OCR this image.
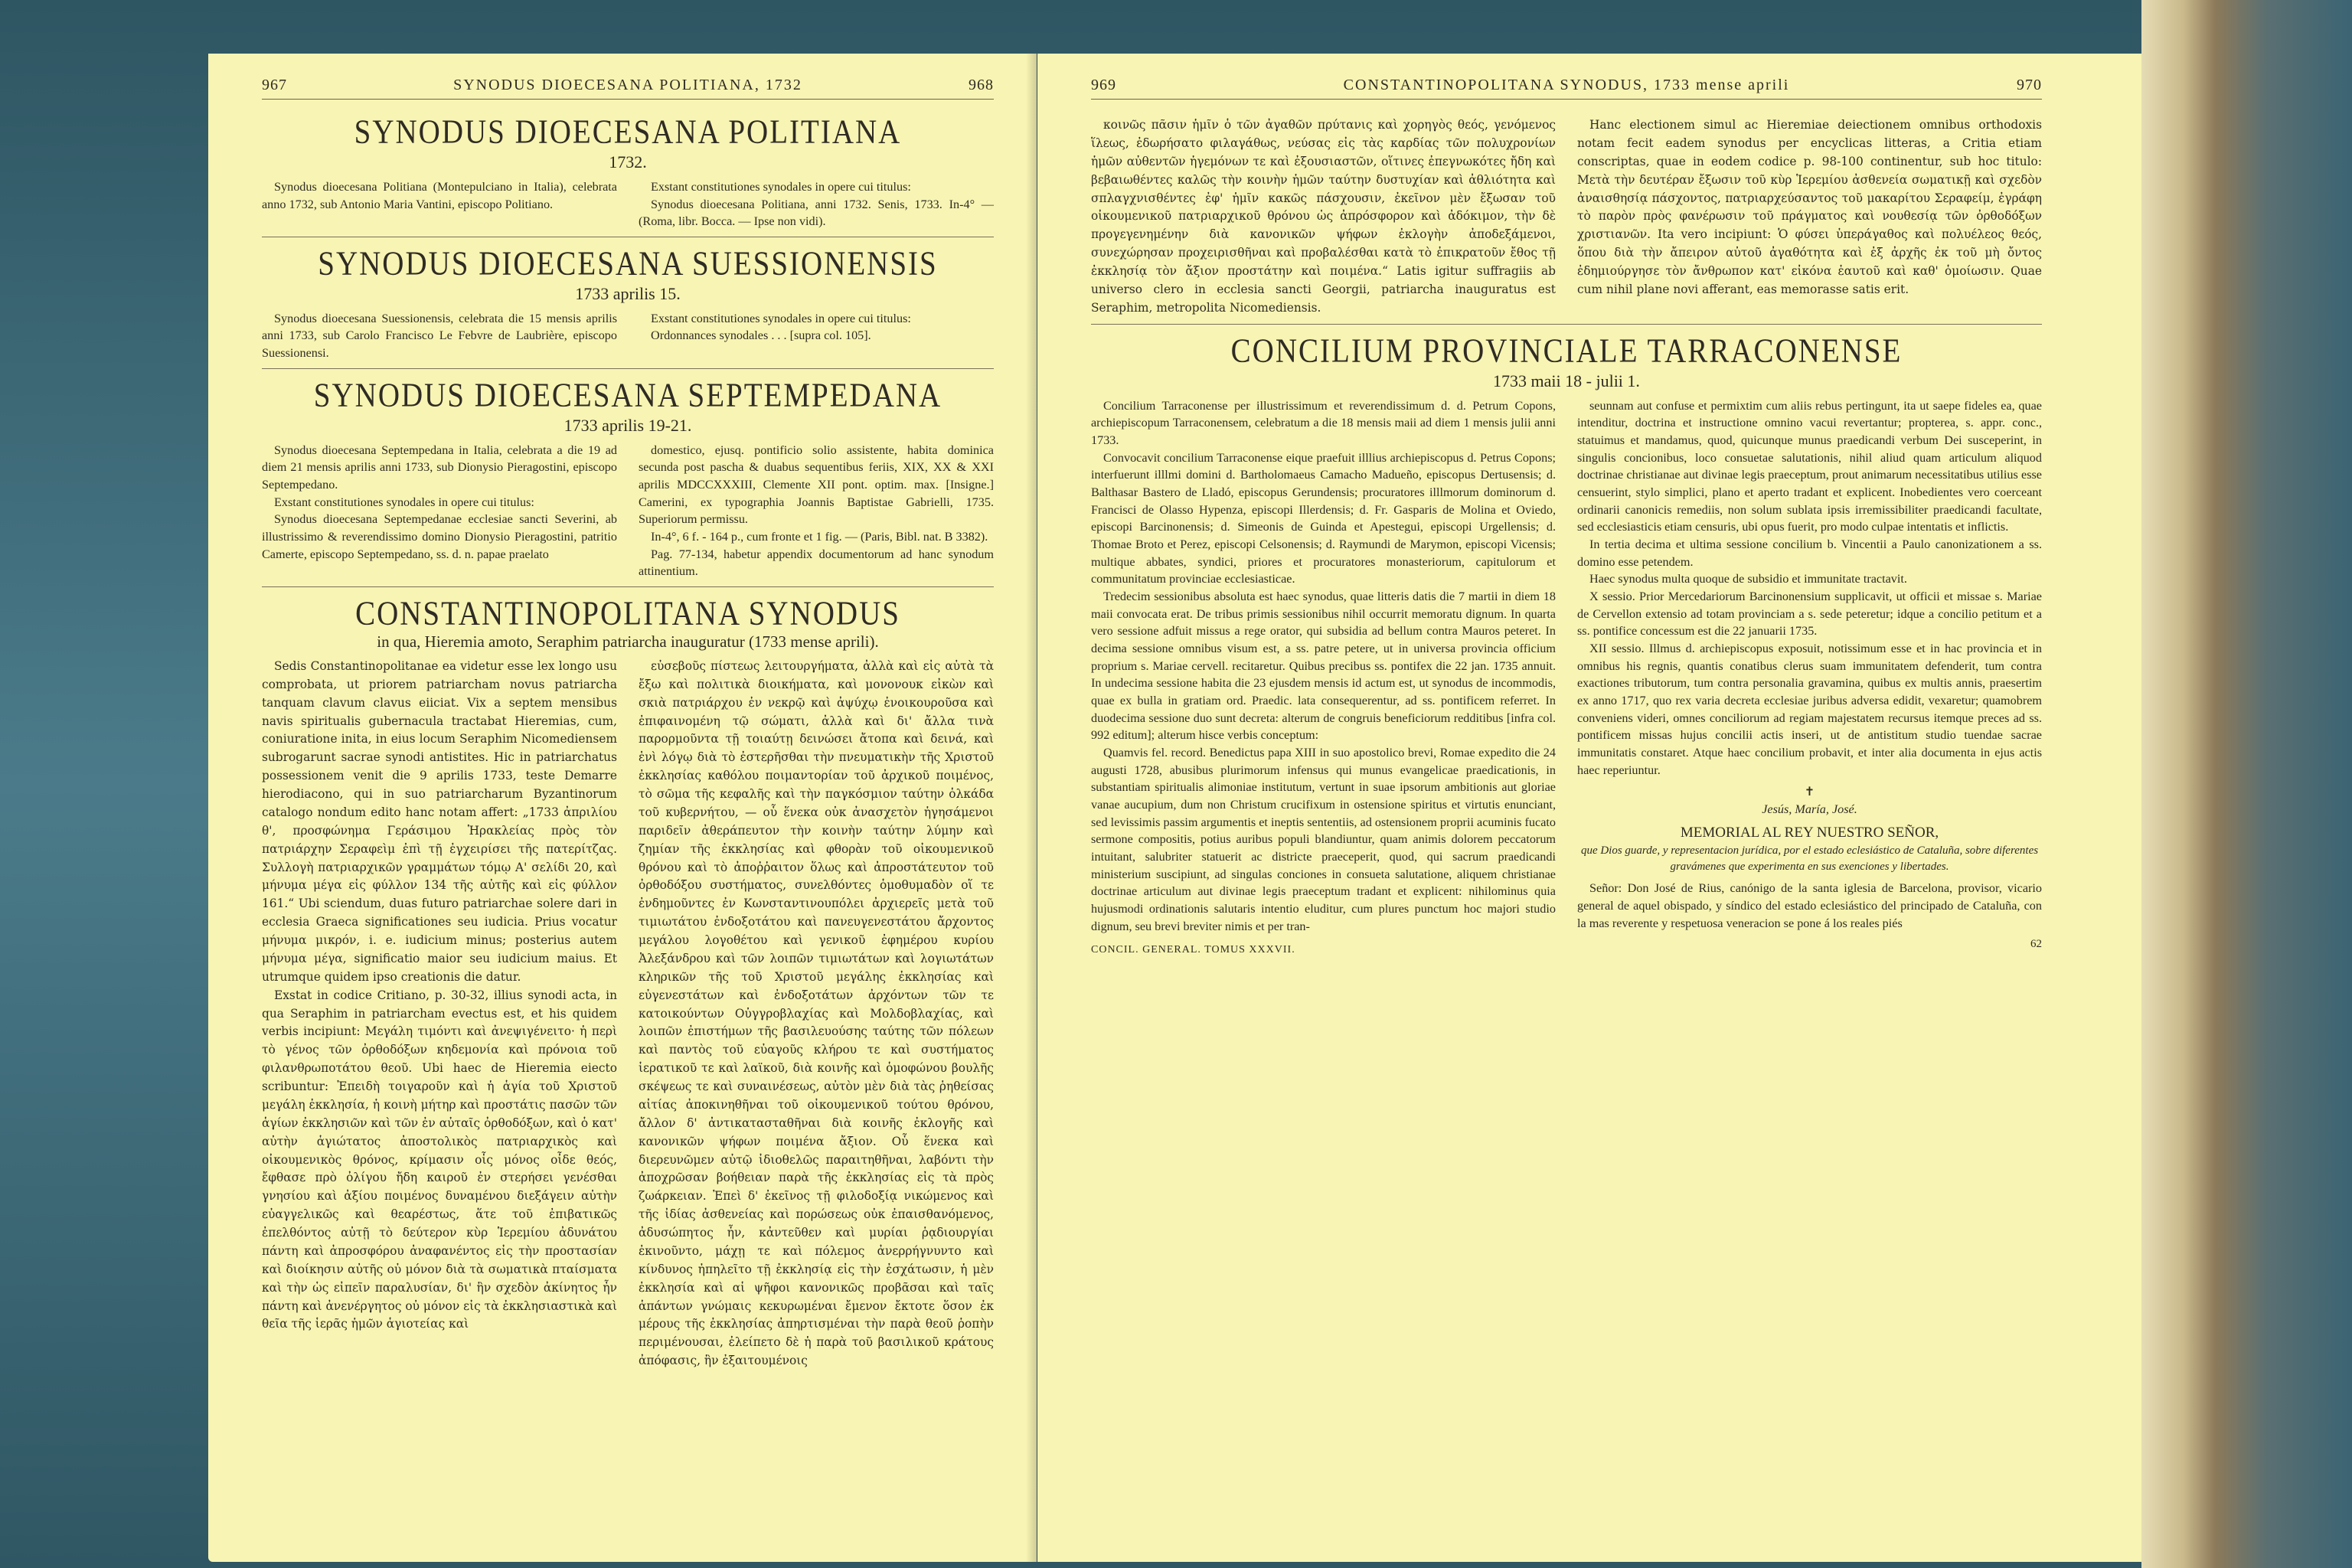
967	SYNODUS DIOECESANA POLITIANA, 1732	968
SYNODUS DIOECESANA POLITIANA
1732.

Synodus dioecesana Politiana (Montepulciano in Italia), celebrata anno 1732, sub Antonio Maria Vantini, episcopo Politiano.

Exstant constitutiones synodales in opere cui titulus:

Synodus dioecesana Politiana, anni 1732. Senis, 1733. In-4° — (Roma, libr. Bocca. — Ipse non vidi).

SYNODUS DIOECESANA SUESSIONENSIS
1733 aprilis 15.

Synodus dioecesana Suessionensis, celebrata die 15 mensis aprilis anni 1733, sub Carolo Francisco Le Febvre de Laubrière, episcopo Suessionensi.

Exstant constitutiones synodales in opere cui titulus:

Ordonnances synodales . . . [supra col. 105].

SYNODUS DIOECESANA SEPTEMPEDANA
1733 aprilis 19-21.

Synodus dioecesana Septempedana in Italia, celebrata a die 19 ad diem 21 mensis aprilis anni 1733, sub Dionysio Pieragostini, episcopo Septempedano.

Exstant constitutiones synodales in opere cui titulus:

Synodus dioecesana Septempedanae ecclesiae sancti Severini, ab illustrissimo & reverendissimo domino Dionysio Pieragostini, patritio Camerte, episcopo Septempedano, ss. d. n. papae praelato

domestico, ejusq. pontificio solio assistente, habita dominica secunda post pascha & duabus sequentibus feriis, XIX, XX & XXI aprilis MDCCXXXIII, Clemente XII pont. optim. max. [Insigne.] Camerini, ex typographia Joannis Baptistae Gabrielli, 1735. Superiorum permissu.

In-4°, 6 f. - 164 p., cum fronte et 1 fig. — (Paris, Bibl. nat. B 3382).

Pag. 77-134, habetur appendix documentorum ad hanc synodum attinentium.

CONSTANTINOPOLITANA SYNODUS
in qua, Hieremia amoto, Seraphim patriarcha inauguratur (1733 mense aprili).

Sedis Constantinopolitanae ea videtur esse lex longo usu comprobata, ut priorem patriarcham novus patriarcha tanquam clavum clavus eiiciat. Vix a septem mensibus navis spiritualis gubernacula tractabat Hieremias, cum, coniuratione inita, in eius locum Seraphim Nicomediensem subrogarunt sacrae synodi antistites. Hic in patriarchatus possessionem venit die 9 aprilis 1733, teste Demarre hierodiacono, qui in suo patriarcharum Byzantinorum catalogo nondum edito hanc notam affert: „1733 ἀπριλίου θ', προσφώνημα Γεράσιμου Ἡρακλείας πρὸς τὸν πατριάρχην Σεραφεὶμ ἐπὶ τῇ ἐγχειρίσει τῆς πατερίτζας. Συλλογὴ πατριαρχικῶν γραμμάτων τόμῳ Α' σελίδι 20, καὶ μήνυμα μέγα εἰς φύλλον 134 τῆς αὐτῆς καὶ εἰς φύλλον 161.“ Ubi sciendum, duas futuro patriarchae solere dari in ecclesia Graeca significationes seu iudicia. Prius vocatur μήνυμα μικρόν, i. e. iudicium minus; posterius autem μήνυμα μέγα, significatio maior seu iudicium maius. Et utrumque quidem ipso creationis die datur.

Exstat in codice Critiano, p. 30-32, illius synodi acta, in qua Seraphim in patriarcham evectus est, et his quidem verbis incipiunt: Μεγάλη τιμόντι καὶ ἀνεψιγένειτο· ἡ περὶ τὸ γένος τῶν ὀρθοδόξων κηδεμονία καὶ πρόνοια τοῦ φιλανθρωποτάτου θεοῦ. Ubi haec de Hieremia eiecto scribuntur: Ἐπειδὴ τοιγαροῦν καὶ ἡ ἁγία τοῦ Χριστοῦ μεγάλη ἐκκλησία, ἡ κοινὴ μήτηρ καὶ προστάτις πασῶν τῶν ἁγίων ἐκκλησιῶν καὶ τῶν ἐν αὐταῖς ὀρθοδόξων, καὶ ὁ κατ' αὐτὴν ἁγιώτατος ἀποστολικὸς πατριαρχικὸς καὶ οἰκουμενικὸς θρόνος, κρίμασιν οἷς μόνος οἶδε θεός, ἔφθασε πρὸ ὀλίγου ἤδη καιροῦ ἐν στερήσει γενέσθαι γνησίου καὶ ἀξίου ποιμένος δυναμένου διεξάγειν αὐτὴν εὐαγγελικῶς καὶ θεαρέστως, ἅτε τοῦ ἐπιβατικῶς ἐπελθόντος αὐτῇ τὸ δεύτερον κὺρ Ἱερεμίου ἀδυνάτου πάντη καὶ ἀπροσφόρου ἀναφανέντος εἰς τὴν προστασίαν καὶ διοίκησιν αὐτῆς οὐ μόνον διὰ τὰ σωματικὰ πταίσματα καὶ τὴν ὡς εἰπεῖν παραλυσίαν, δι' ἣν σχεδὸν ἀκίνητος ἦν πάντη καὶ ἀνενέργητος οὐ μόνον εἰς τὰ ἐκκλησιαστικὰ καὶ θεῖα τῆς ἱερᾶς ἡμῶν ἁγιοτείας καὶ

εὐσεβοῦς πίστεως λειτουργήματα, ἀλλὰ καὶ εἰς αὐτὰ τὰ ἔξω καὶ πολιτικὰ διοικήματα, καὶ μονονουκ εἰκὼν καὶ σκιὰ πατριάρχου ἐν νεκρῷ καὶ ἀψύχῳ ἐνοικουροῦσα καὶ ἐπιφαινομένη τῷ σώματι, ἀλλὰ καὶ δι' ἄλλα τινὰ παρορμοῦντα τῇ τοιαύτῃ δεινώσει ἄτοπα καὶ δεινά, καὶ ἑνὶ λόγῳ διὰ τὸ ἐστερῆσθαι τὴν πνευματικὴν τῆς Χριστοῦ ἐκκλησίας καθόλου ποιμαντορίαν τοῦ ἀρχικοῦ ποιμένος, τὸ σῶμα τῆς κεφαλῆς καὶ τὴν παγκόσμιον ταύτην ὁλκάδα τοῦ κυβερνήτου, — οὗ ἕνεκα οὐκ ἀνασχετὸν ἡγησάμενοι παριδεῖν ἀθεράπευτον τὴν κοινὴν ταύτην λύμην καὶ ζημίαν τῆς ἐκκλησίας καὶ φθορὰν τοῦ οἰκουμενικοῦ θρόνου καὶ τὸ ἀποῤῥαιτον ὅλως καὶ ἀπροστάτευτον τοῦ ὀρθοδόξου συστήματος, συνελθόντες ὁμοθυμαδὸν οἵ τε ἐνδημοῦντες ἐν Κωνσταντινουπόλει ἀρχιερεῖς μετὰ τοῦ τιμιωτάτου ἐνδοξοτάτου καὶ πανευγενεστάτου ἄρχοντος μεγάλου λογοθέτου καὶ γενικοῦ ἐφημέρου κυρίου Ἀλεξάνδρου καὶ τῶν λοιπῶν τιμιωτάτων καὶ λογιωτάτων κληρικῶν τῆς τοῦ Χριστοῦ μεγάλης ἐκκλησίας καὶ εὐγενεστάτων καὶ ἐνδοξοτάτων ἀρχόντων τῶν τε κατοικούντων Οὐγγροβλαχίας καὶ Μολδοβλαχίας, καὶ λοιπῶν ἐπιστήμων τῆς βασιλευούσης ταύτης τῶν πόλεων καὶ παντὸς τοῦ εὐαγοῦς κλήρου τε καὶ συστήματος ἱερατικοῦ τε καὶ λαϊκοῦ, διὰ κοινῆς καὶ ὁμοφώνου βουλῆς σκέψεως τε καὶ συναινέσεως, αὐτὸν μὲν διὰ τὰς ῥηθείσας αἰτίας ἀποκινηθῆναι τοῦ οἰκουμενικοῦ τούτου θρόνου, ἄλλον δ' ἀντικατασταθῆναι διὰ κοινῆς ἐκλογῆς καὶ κανονικῶν ψήφων ποιμένα ἄξιον. Οὗ ἕνεκα καὶ διερευνῶμεν αὐτῷ ἰδιοθελῶς παραιτηθῆναι, λαβόντι τὴν ἀποχρῶσαν βοήθειαν παρὰ τῆς ἐκκλησίας εἰς τὰ πρὸς ζωάρκειαν. Ἐπεὶ δ' ἐκεῖνος τῇ φιλοδοξίᾳ νικώμενος καὶ τῆς ἰδίας ἀσθενείας καὶ πορώσεως οὐκ ἐπαισθανόμενος, ἀδυσώπητος ἦν, κἀντεῦθεν καὶ μυρίαι ῥᾳδιουργίαι ἐκινοῦντο, μάχῃ τε καὶ πόλεμος ἀνερρήγνυντο καὶ κίνδυνος ἠπηλεῖτο τῇ ἐκκλησίᾳ εἰς τὴν ἐσχάτωσιν, ἡ μὲν ἐκκλησία καὶ αἱ ψῆφοι κανονικῶς προβᾶσαι καὶ ταῖς ἁπάντων γνώμαις κεκυρωμέναι ἔμενον ἔκτοτε ὅσον ἐκ μέρους τῆς ἐκκλησίας ἀπηρτισμέναι τὴν παρὰ θεοῦ ῥοπὴν περιμένουσαι, ἐλείπετο δὲ ἡ παρὰ τοῦ βασιλικοῦ κράτους ἀπόφασις, ἣν ἐξαιτουμένοις

969	CONSTANTINOPOLITANA SYNODUS, 1733 mense aprili	970

κοινῶς πᾶσιν ἡμῖν ὁ τῶν ἀγαθῶν πρύτανις καὶ χορηγὸς θεός, γενόμενος ἵλεως, ἐδωρήσατο φιλαγάθως, νεύσας εἰς τὰς καρδίας τῶν πολυχρονίων ἡμῶν αὐθεντῶν ἡγεμόνων τε καὶ ἐξουσιαστῶν, οἵτινες ἐπεγνωκότες ἤδη καὶ βεβαιωθέντες καλῶς τὴν κοινὴν ἡμῶν ταύτην δυστυχίαν καὶ ἀθλιότητα καὶ σπλαγχνισθέντες ἐφ' ἡμῖν κακῶς πάσχουσιν, ἐκεῖνον μὲν ἔξωσαν τοῦ οἰκουμενικοῦ πατριαρχικοῦ θρόνου ὡς ἀπρόσφορον καὶ ἀδόκιμον, τὴν δὲ προγεγενημένην διὰ κανονικῶν ψήφων ἐκλογὴν ἀποδεξάμενοι, συνεχώρησαν προχειρισθῆναι καὶ προβαλέσθαι κατὰ τὸ ἐπικρατοῦν ἔθος τῇ ἐκκλησίᾳ τὸν ἄξιον προστάτην καὶ ποιμένα.“ Latis igitur suffragiis ab universo clero in ecclesia sancti Georgii, patriarcha inauguratus est Seraphim, metropolita Nicomediensis.

Hanc electionem simul ac Hieremiae deiectionem omnibus orthodoxis notam fecit eadem synodus per encyclicas litteras, a Critia etiam conscriptas, quae in eodem codice p. 98-100 continentur, sub hoc titulo: Μετὰ τὴν δευτέραν ἔξωσιν τοῦ κὺρ Ἱερεμίου ἀσθενεία σωματικῇ καὶ σχεδὸν ἀναισθησίᾳ πάσχοντος, πατριαρχεύσαντος τοῦ μακαρίτου Σεραφείμ, ἐγράφη τὸ παρὸν πρὸς φανέρωσιν τοῦ πράγματος καὶ νουθεσίᾳ τῶν ὀρθοδόξων χριστιανῶν. Ita vero incipiunt: Ὁ φύσει ὑπεράγαθος καὶ πολυέλεος θεός, ὅπου διὰ τὴν ἄπειρον αὐτοῦ ἀγαθότητα καὶ ἐξ ἀρχῆς ἐκ τοῦ μὴ ὄντος ἐδημιούργησε τὸν ἄνθρωπον κατ' εἰκόνα ἑαυτοῦ καὶ καθ' ὁμοίωσιν. Quae cum nihil plane novi afferant, eas memorasse satis erit.

CONCILIUM PROVINCIALE TARRACONENSE
1733 maii 18 - julii 1.

Concilium Tarraconense per illustrissimum et reverendissimum d. d. Petrum Copons, archiepiscopum Tarraconensem, celebratum a die 18 mensis maii ad diem 1 mensis julii anni 1733.

Convocavit concilium Tarraconense eique praefuit illlius archiepiscopus d. Petrus Copons; interfuerunt illlmi domini d. Bartholomaeus Camacho Madueño, episcopus Dertusensis; d. Balthasar Bastero de Lladó, episcopus Gerundensis; procuratores illlmorum dominorum d. Francisci de Olasso Hypenza, episcopi Illerdensis; d. Fr. Gasparis de Molina et Oviedo, episcopi Barcinonensis; d. Simeonis de Guinda et Apestegui, episcopi Urgellensis; d. Thomae Broto et Perez, episcopi Celsonensis; d. Raymundi de Marymon, episcopi Vicensis; multique abbates, syndici, priores et procuratores monasteriorum, capitulorum et communitatum provinciae ecclesiasticae.

Tredecim sessionibus absoluta est haec synodus, quae litteris datis die 7 martii in diem 18 maii convocata erat. De tribus primis sessionibus nihil occurrit memoratu dignum. In quarta vero sessione adfuit missus a rege orator, qui subsidia ad bellum contra Mauros peteret. In decima sessione omnibus visum est, a ss. patre petere, ut in universa provincia officium proprium s. Mariae cervell. recitaretur. Quibus precibus ss. pontifex die 22 jan. 1735 annuit. In undecima sessione habita die 23 ejusdem mensis id actum est, ut synodus de incommodis, quae ex bulla in gratiam ord. Praedic. lata consequerentur, ad ss. pontificem referret. In duodecima sessione duo sunt decreta: alterum de congruis beneficiorum redditibus [infra col. 992 editum]; alterum hisce verbis conceptum:

Quamvis fel. record. Benedictus papa XIII in suo apostolico brevi, Romae expedito die 24 augusti 1728, abusibus plurimorum infensus qui munus evangelicae praedicationis, in substantiam spiritualis alimoniae institutum, vertunt in suae ipsorum ambitionis aut gloriae vanae aucupium, dum non Christum crucifixum in ostensione spiritus et virtutis enunciant, sed levissimis passim argumentis et ineptis sententiis, ad ostensionem proprii acuminis fucato sermone compositis, potius auribus populi blandiuntur, quam animis dolorem peccatorum intuitant, salubriter statuerit ac districte praeceperit, quod, qui sacrum praedicandi ministerium suscipiunt, ad singulas conciones in consueta salutatione, aliquem christianae doctrinae articulum aut divinae legis praeceptum tradant et explicent: nihilominus quia hujusmodi ordinationis salutaris intentio eluditur, cum plures punctum hoc majori studio dignum, seu brevi breviter nimis et per tran-

CONCIL. GENERAL. TOMUS XXXVII.

seunnam aut confuse et permixtim cum aliis rebus pertingunt, ita ut saepe fideles ea, quae intenditur, doctrina et instructione omnino vacui revertantur; propterea, s. appr. conc., statuimus et mandamus, quod, quicunque munus praedicandi verbum Dei susceperint, in singulis concionibus, loco consuetae salutationis, nihil aliud quam articulum aliquod doctrinae christianae aut divinae legis praeceptum, prout animarum necessitatibus utilius esse censuerint, stylo simplici, plano et aperto tradant et explicent. Inobedientes vero coerceant ordinarii canonicis remediis, non solum sublata ipsis irremissibiliter praedicandi facultate, sed ecclesiasticis etiam censuris, ubi opus fuerit, pro modo culpae intentatis et inflictis.

In tertia decima et ultima sessione concilium b. Vincentii a Paulo canonizationem a ss. domino esse petendem.

Haec synodus multa quoque de subsidio et immunitate tractavit.

X sessio. Prior Mercedariorum Barcinonensium supplicavit, ut officii et missae s. Mariae de Cervellon extensio ad totam provinciam a s. sede peteretur; idque a concilio petitum et a ss. pontifice concessum est die 22 januarii 1735.

XII sessio. Illmus d. archiepiscopus exposuit, notissimum esse et in hac provincia et in omnibus his regnis, quantis conatibus clerus suam immunitatem defenderit, tum contra exactiones tributorum, tum contra personalia gravamina, quibus ex multis annis, praesertim ex anno 1717, quo rex varia decreta ecclesiae juribus adversa edidit, vexaretur; quamobrem conveniens videri, omnes conciliorum ad regiam majestatem recursus itemque preces ad ss. pontificem missas hujus concilii actis inseri, ut de antistitum studio tuendae sacrae immunitatis constaret. Atque haec concilium probavit, et inter alia documenta in ejus actis haec reperiuntur.

✝
Jesús, María, José.
MEMORIAL AL REY NUESTRO SEÑOR,
que Dios guarde, y representacion jurídica, por el estado eclesiástico de Cataluña, sobre diferentes gravámenes que experimenta en sus exenciones y libertades.

Señor: Don José de Rius, canónigo de la santa iglesia de Barcelona, provisor, vicario general de aquel obispado, y síndico del estado eclesiástico del principado de Cataluña, con la mas reverente y respetuosa veneracion se pone á los reales piés

62
